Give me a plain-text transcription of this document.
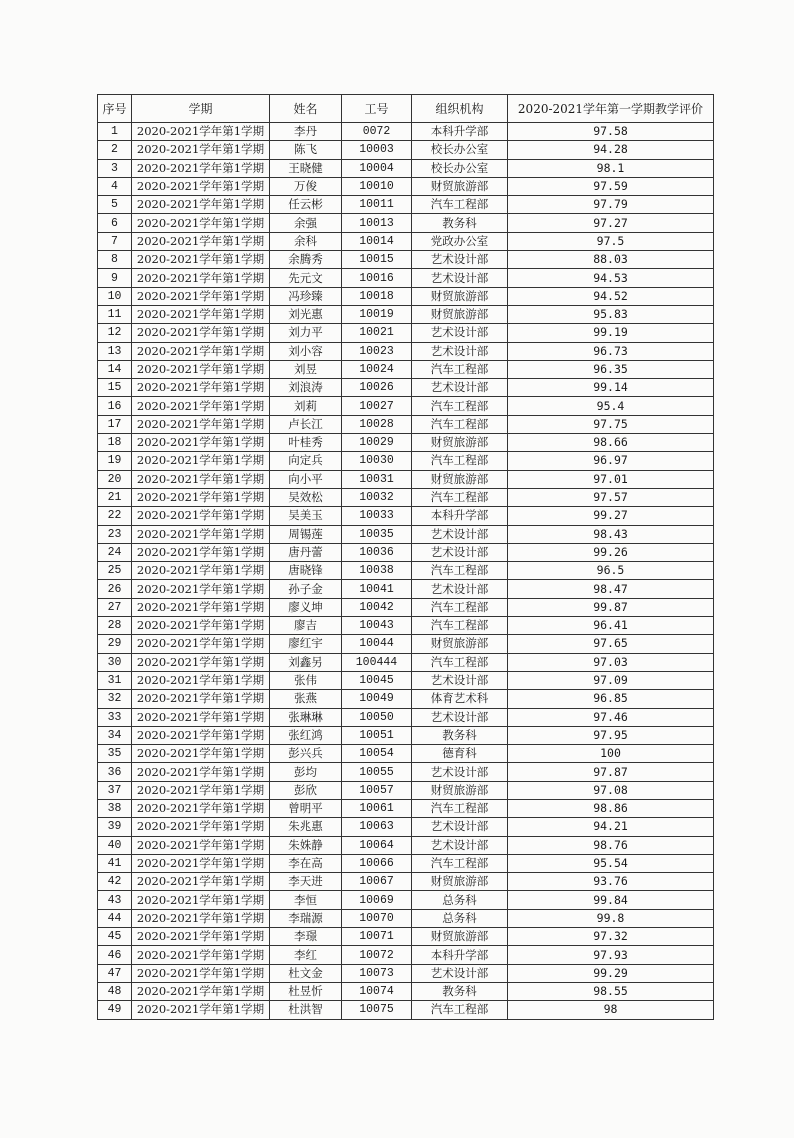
序号	学期	姓名	工号	组织机构	2020-2021学年第一学期教学评价
1	2020-2021学年第1学期	李丹	0072	本科升学部	97.58
2	2020-2021学年第1学期	陈飞	10003	校长办公室	94.28
3	2020-2021学年第1学期	王晓健	10004	校长办公室	98.1
4	2020-2021学年第1学期	万俊	10010	财贸旅游部	97.59
5	2020-2021学年第1学期	任云彬	10011	汽车工程部	97.79
6	2020-2021学年第1学期	余强	10013	教务科	97.27
7	2020-2021学年第1学期	余科	10014	党政办公室	97.5
8	2020-2021学年第1学期	余腾秀	10015	艺术设计部	88.03
9	2020-2021学年第1学期	先元文	10016	艺术设计部	94.53
10	2020-2021学年第1学期	冯珍臻	10018	财贸旅游部	94.52
11	2020-2021学年第1学期	刘光惠	10019	财贸旅游部	95.83
12	2020-2021学年第1学期	刘力平	10021	艺术设计部	99.19
13	2020-2021学年第1学期	刘小容	10023	艺术设计部	96.73
14	2020-2021学年第1学期	刘昱	10024	汽车工程部	96.35
15	2020-2021学年第1学期	刘浪涛	10026	艺术设计部	99.14
16	2020-2021学年第1学期	刘莉	10027	汽车工程部	95.4
17	2020-2021学年第1学期	卢长江	10028	汽车工程部	97.75
18	2020-2021学年第1学期	叶桂秀	10029	财贸旅游部	98.66
19	2020-2021学年第1学期	向定兵	10030	汽车工程部	96.97
20	2020-2021学年第1学期	向小平	10031	财贸旅游部	97.01
21	2020-2021学年第1学期	吴效松	10032	汽车工程部	97.57
22	2020-2021学年第1学期	吴美玉	10033	本科升学部	99.27
23	2020-2021学年第1学期	周锡莲	10035	艺术设计部	98.43
24	2020-2021学年第1学期	唐丹蕾	10036	艺术设计部	99.26
25	2020-2021学年第1学期	唐晓锋	10038	汽车工程部	96.5
26	2020-2021学年第1学期	孙子金	10041	艺术设计部	98.47
27	2020-2021学年第1学期	廖义坤	10042	汽车工程部	99.87
28	2020-2021学年第1学期	廖吉	10043	汽车工程部	96.41
29	2020-2021学年第1学期	廖红宇	10044	财贸旅游部	97.65
30	2020-2021学年第1学期	刘鑫另	100444	汽车工程部	97.03
31	2020-2021学年第1学期	张伟	10045	艺术设计部	97.09
32	2020-2021学年第1学期	张燕	10049	体育艺术科	96.85
33	2020-2021学年第1学期	张琳琳	10050	艺术设计部	97.46
34	2020-2021学年第1学期	张红鸿	10051	教务科	97.95
35	2020-2021学年第1学期	彭兴兵	10054	德育科	100
36	2020-2021学年第1学期	彭均	10055	艺术设计部	97.87
37	2020-2021学年第1学期	彭欣	10057	财贸旅游部	97.08
38	2020-2021学年第1学期	曾明平	10061	汽车工程部	98.86
39	2020-2021学年第1学期	朱兆惠	10063	艺术设计部	94.21
40	2020-2021学年第1学期	朱姝静	10064	艺术设计部	98.76
41	2020-2021学年第1学期	李在高	10066	汽车工程部	95.54
42	2020-2021学年第1学期	李天进	10067	财贸旅游部	93.76
43	2020-2021学年第1学期	李恒	10069	总务科	99.84
44	2020-2021学年第1学期	李瑞源	10070	总务科	99.8
45	2020-2021学年第1学期	李璟	10071	财贸旅游部	97.32
46	2020-2021学年第1学期	李红	10072	本科升学部	97.93
47	2020-2021学年第1学期	杜文金	10073	艺术设计部	99.29
48	2020-2021学年第1学期	杜昱忻	10074	教务科	98.55
49	2020-2021学年第1学期	杜洪智	10075	汽车工程部	98
